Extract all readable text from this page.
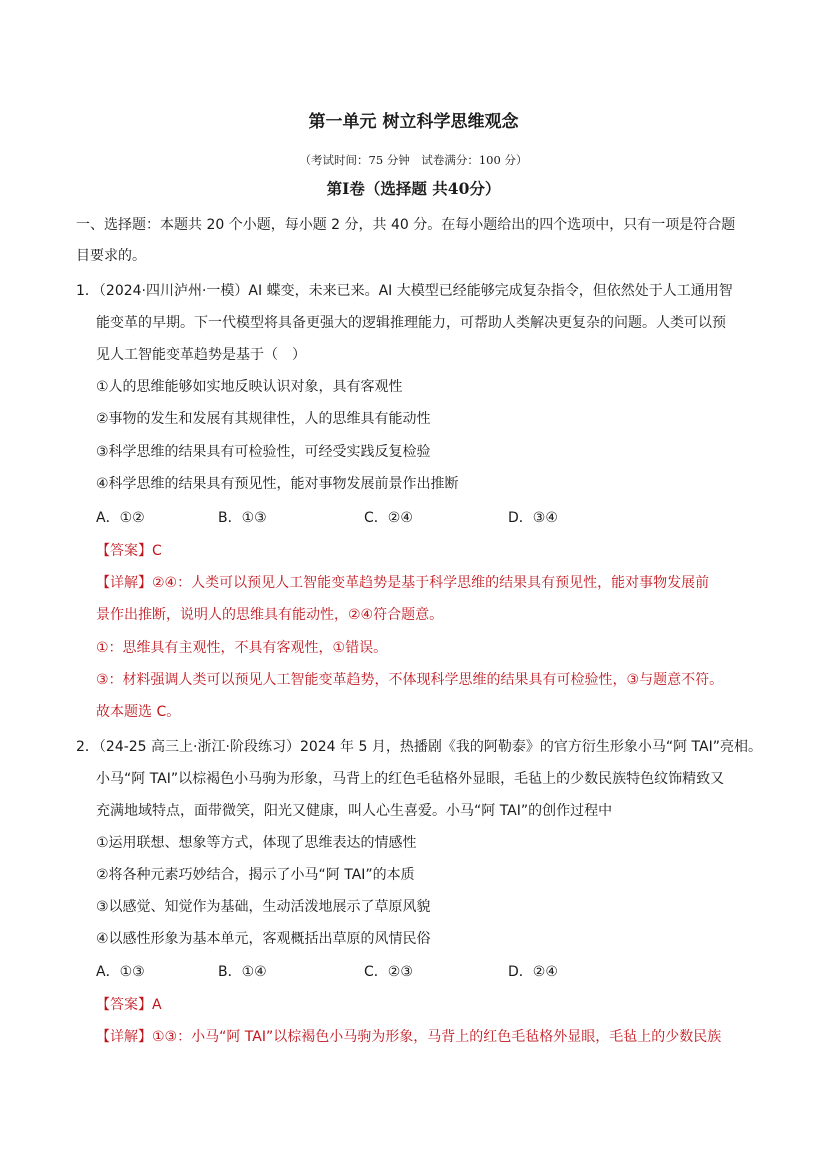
第一单元 树立科学思维观念
（考试时间：75 分钟　试卷满分：100 分）
第Ⅰ卷（选择题 共40分）
一、选择题：本题共 20 个小题，每小题 2 分，共 40 分。在每小题给出的四个选项中，只有一项是符合题
目要求的。
1．（2024·四川泸州·一模）AI 蝶变，未来已来。AI 大模型已经能够完成复杂指令，但依然处于人工通用智
能变革的早期。下一代模型将具备更强大的逻辑推理能力，可帮助人类解决更复杂的问题。人类可以预
见人工智能变革趋势是基于（　）
①人的思维能够如实地反映认识对象，具有客观性
②事物的发生和发展有其规律性，人的思维具有能动性
③科学思维的结果具有可检验性，可经受实践反复检验
④科学思维的结果具有预见性，能对事物发展前景作出推断
A．①②	B．①③	C．②④	D．③④
【答案】C
【详解】②④：人类可以预见人工智能变革趋势是基于科学思维的结果具有预见性，能对事物发展前
景作出推断，说明人的思维具有能动性，②④符合题意。
①：思维具有主观性，不具有客观性，①错误。
③：材料强调人类可以预见人工智能变革趋势，不体现科学思维的结果具有可检验性，③与题意不符。
故本题选 C。
2．（24-25 高三上·浙江·阶段练习）2024 年 5 月，热播剧《我的阿勒泰》的官方衍生形象小马“阿 TAI”亮相。
小马“阿 TAI”以棕褐色小马驹为形象，马背上的红色毛毡格外显眼，毛毡上的少数民族特色纹饰精致又
充满地域特点，面带微笑，阳光又健康，叫人心生喜爱。小马“阿 TAI”的创作过程中
①运用联想、想象等方式，体现了思维表达的情感性
②将各种元素巧妙结合，揭示了小马“阿 TAI”的本质
③以感觉、知觉作为基础，生动活泼地展示了草原风貌
④以感性形象为基本单元，客观概括出草原的风情民俗
A．①③	B．①④	C．②③	D．②④
【答案】A
【详解】①③：小马“阿 TAI”以棕褐色小马驹为形象，马背上的红色毛毡格外显眼，毛毡上的少数民族
